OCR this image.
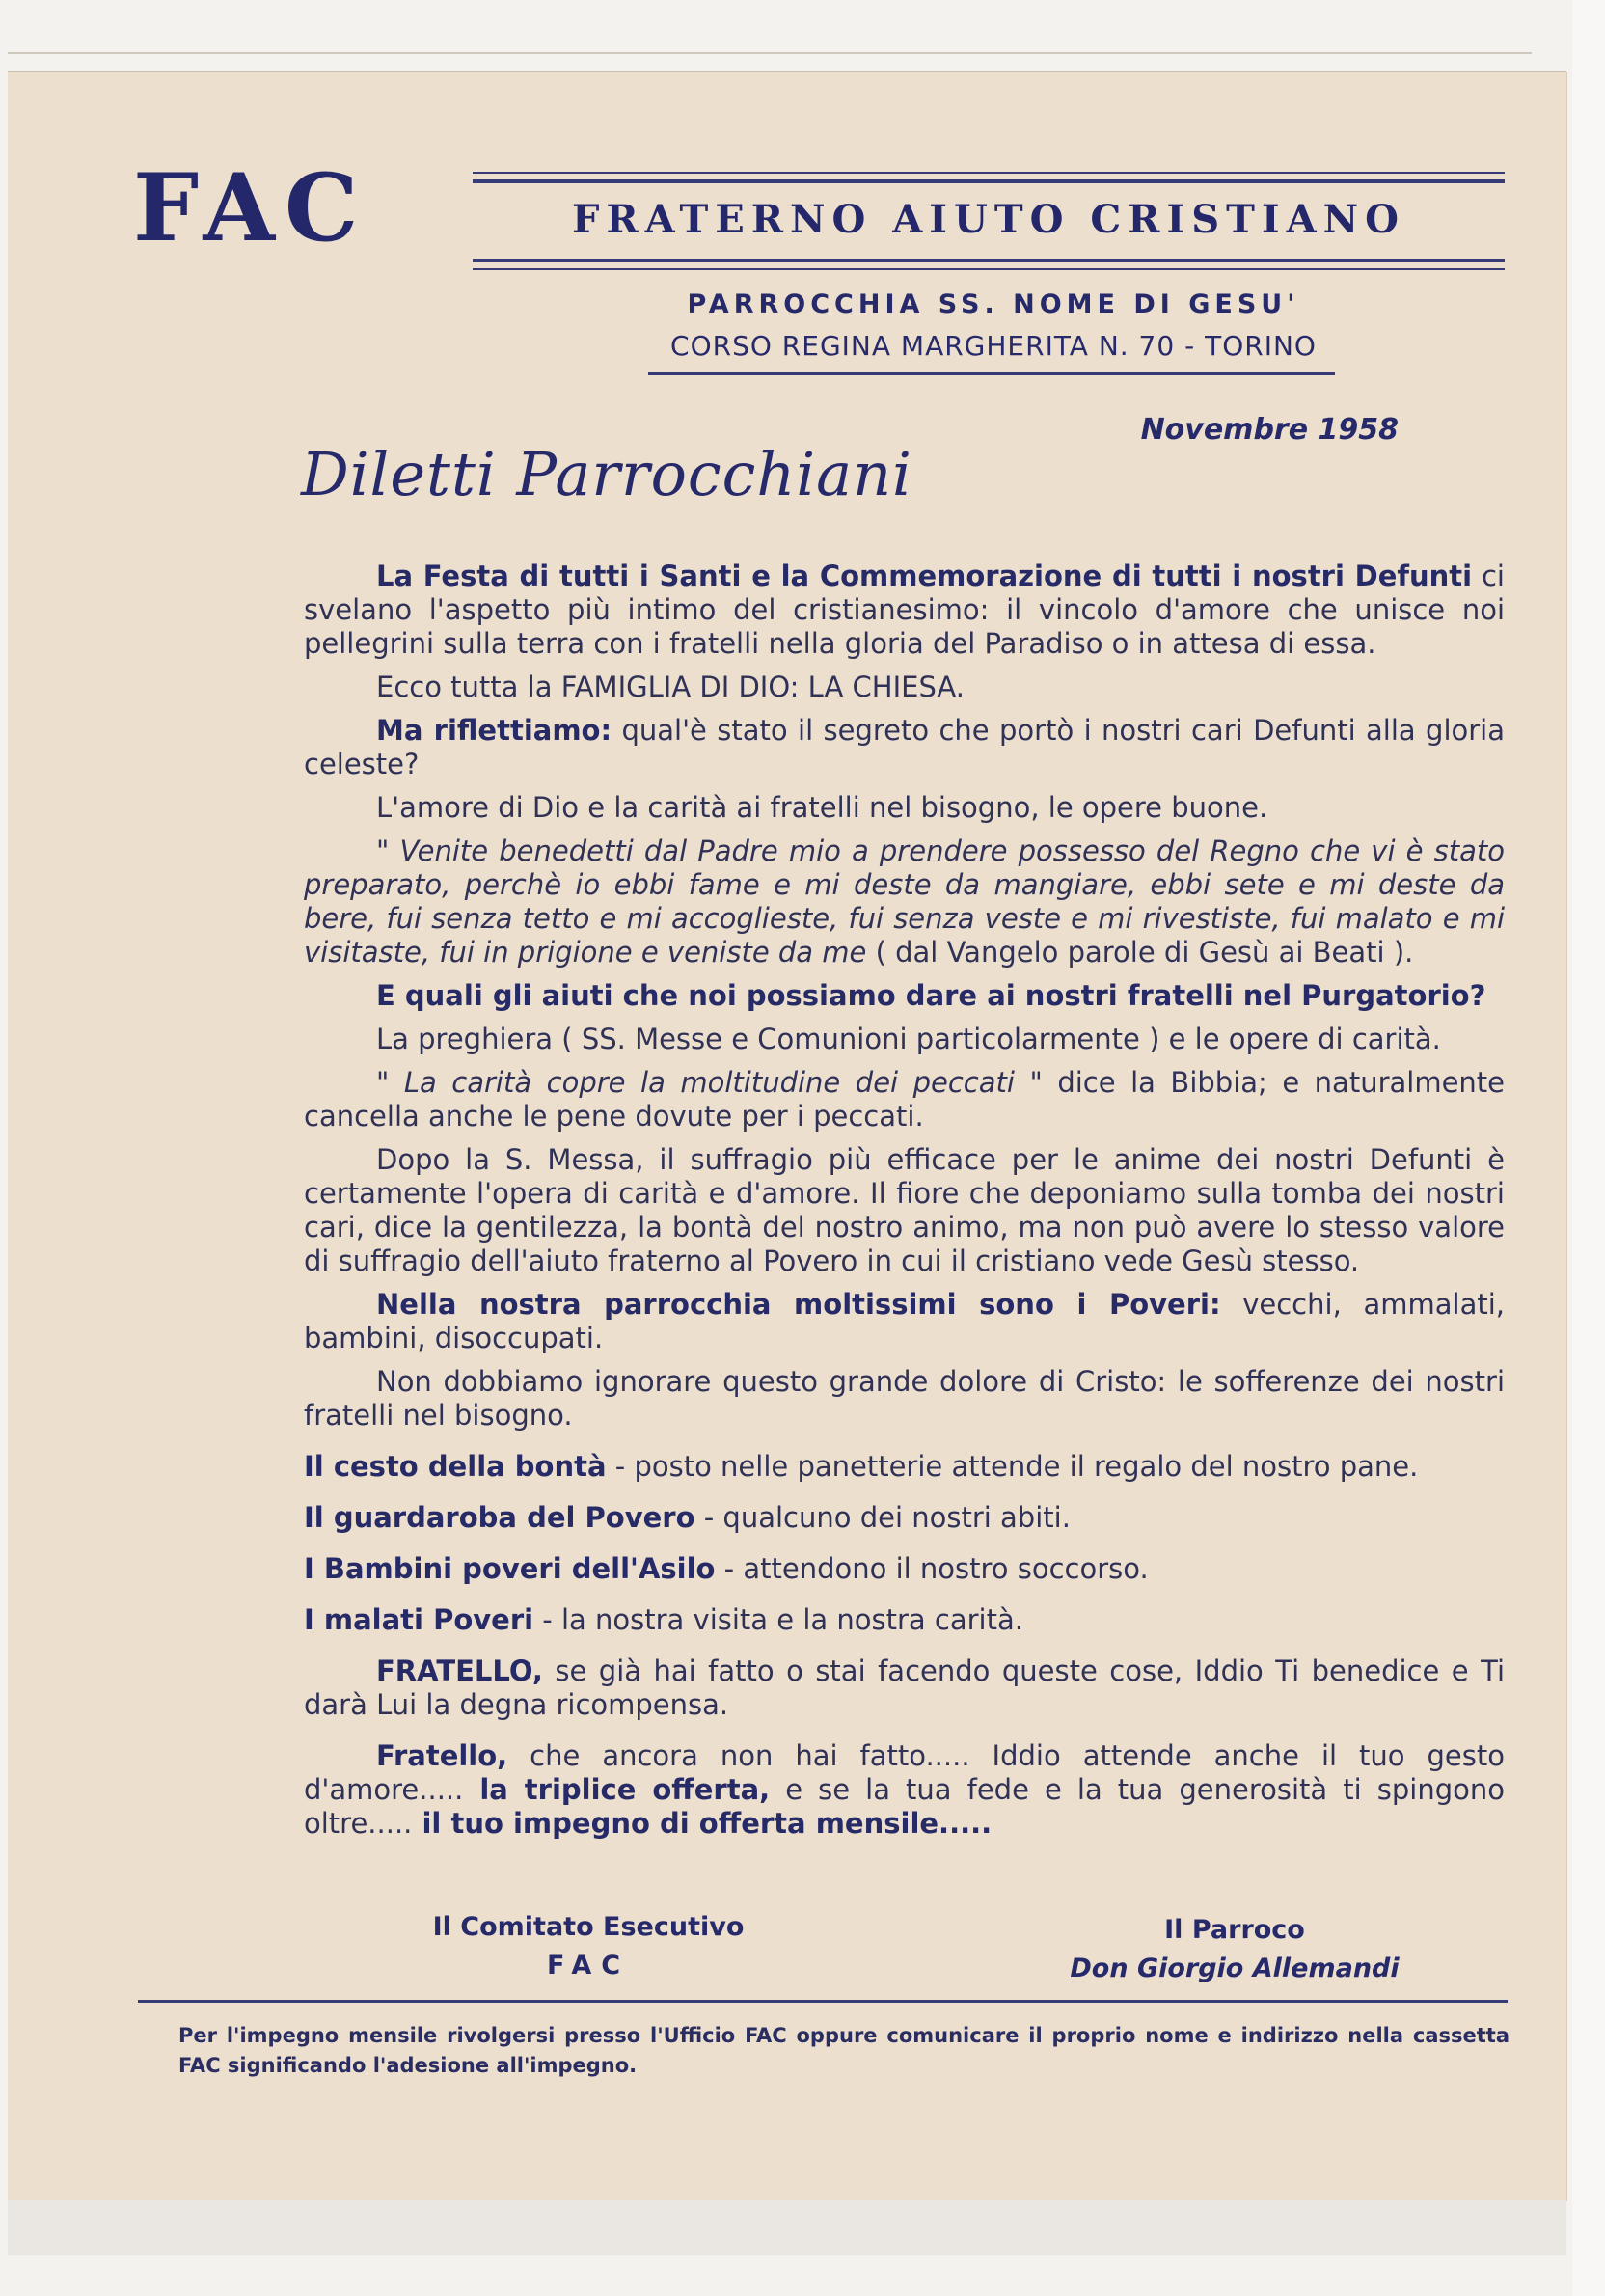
FAC	FRATERNO AIUTO CRISTIANO
PARROCCHIA SS. NOME DI GESU'
CORSO REGINA MARGHERITA N. 70 - TORINO
Novembre 1958
Diletti Parrocchiani

La Festa di tutti i Santi e la Commemorazione di tutti i nostri Defunti ci svelano l'aspetto più intimo del cristianesimo: il vincolo d'amore che unisce noi pellegrini sulla terra con i fratelli nella gloria del Paradiso o in attesa di essa.

Ecco tutta la FAMIGLIA DI DIO: LA CHIESA.

Ma riflettiamo: qual'è stato il segreto che portò i nostri cari Defunti alla gloria celeste?

L'amore di Dio e la carità ai fratelli nel bisogno, le opere buone.

" Venite benedetti dal Padre mio a prendere possesso del Regno che vi è stato preparato, perchè io ebbi fame e mi deste da mangiare, ebbi sete e mi deste da bere, fui senza tetto e mi accoglieste, fui senza veste e mi rivestiste, fui malato e mi visitaste, fui in prigione e veniste da me ( dal Vangelo parole di Gesù ai Beati ).

E quali gli aiuti che noi possiamo dare ai nostri fratelli nel Purgatorio?

La preghiera ( SS. Messe e Comunioni particolarmente ) e le opere di carità.

" La carità copre la moltitudine dei peccati " dice la Bibbia; e naturalmente cancella anche le pene dovute per i peccati.

Dopo la S. Messa, il suffragio più efficace per le anime dei nostri Defunti è certamente l'opera di carità e d'amore. Il fiore che deponiamo sulla tomba dei nostri cari, dice la gentilezza, la bontà del nostro animo, ma non può avere lo stesso valore di suffragio dell'aiuto fraterno al Povero in cui il cristiano vede Gesù stesso.

Nella nostra parrocchia moltissimi sono i Poveri: vecchi, ammalati, bambini, disoccupati.

Non dobbiamo ignorare questo grande dolore di Cristo: le sofferenze dei nostri fratelli nel bisogno.

Il cesto della bontà - posto nelle panetterie attende il regalo del nostro pane.

Il guardaroba del Povero - qualcuno dei nostri abiti.

I Bambini poveri dell'Asilo - attendono il nostro soccorso.

I malati Poveri - la nostra visita e la nostra carità.

FRATELLO, se già hai fatto o stai facendo queste cose, Iddio Ti benedice e Ti darà Lui la degna ricompensa.

Fratello, che ancora non hai fatto..... Iddio attende anche il tuo gesto d'amore..... la triplice offerta, e se la tua fede e la tua generosità ti spingono oltre..... il tuo impegno di offerta mensile.....

Il Comitato Esecutivo
FAC
Il Parroco
Don Giorgio Allemandi
Per l'impegno mensile rivolgersi presso l'Ufficio FAC oppure comunicare il proprio nome e indirizzo nella cassetta FAC significando l'adesione all'impegno.
